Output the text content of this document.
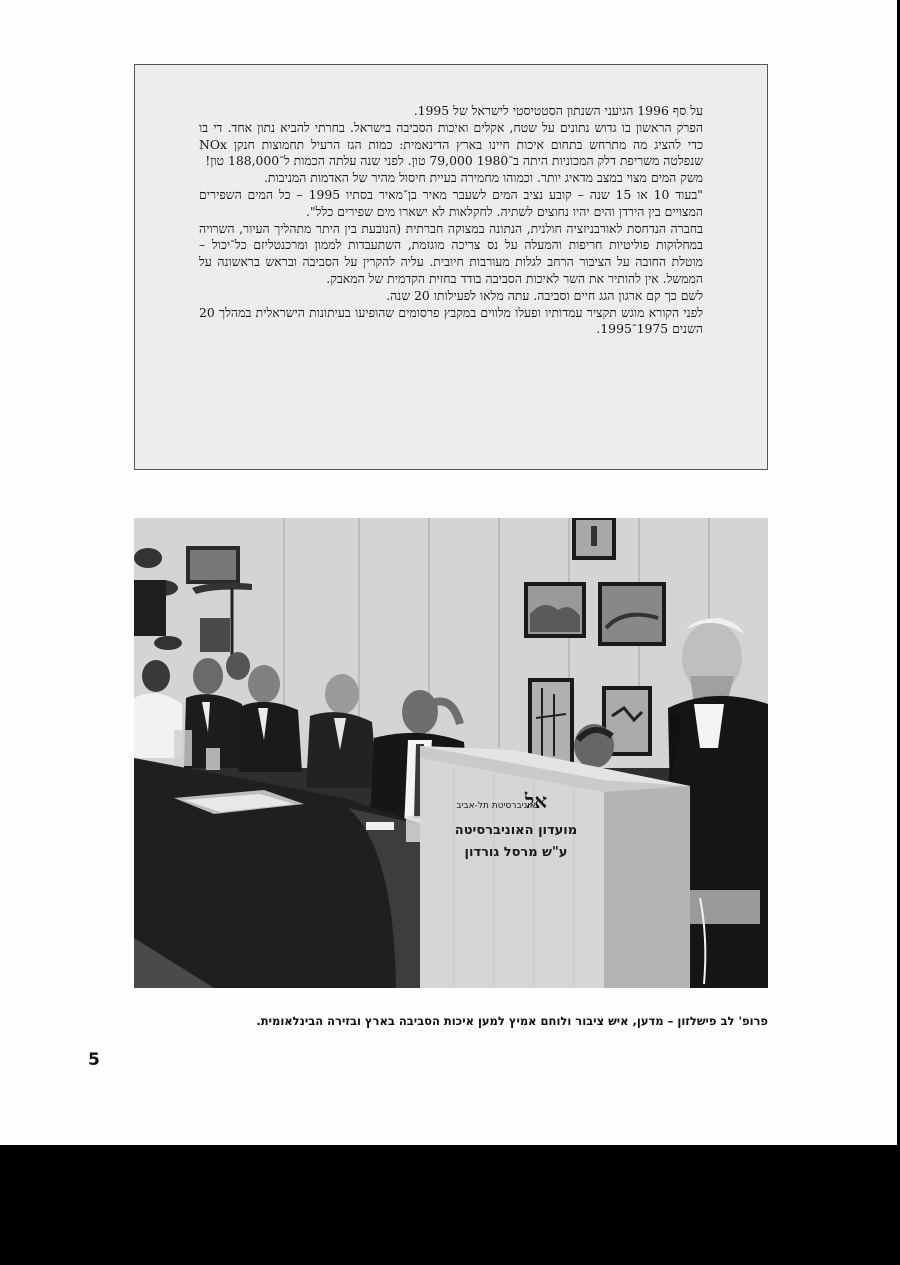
על סף 1996 הגיעני השנתון הסטטיסטי לישראל של 1995.

הפרק הראשון בו גדוש נתונים על שטח, אקלים ואיכות הסביבה בישראל. בחרתי להביא נתון אחד. די בו כדי להציג מה מתרחש בתחום איכות חיינו בארץ הדינאמית: כמות הגז הרעיל תחמוצות חנקן NOx שנפלטה משריפת דלק המכוניות היתה ב־1980 79,000 טון. לפני שנה עלתה הכמות ל־188,000 טון!

משק המים מצוי במצב מדאיג יותר. וכמוהו מחמירה בעיית חיסול מהיר של האדמות המניבות.

"בעוד 10 או 15 שנה – קובע נציב המים לשעבר מאיר בן־מאיר בסתיו 1995 – כל המים השפירים המצויים בין הירדן והים יהיו נחוצים לשתיה. לחקלאות לא ישארו מים שפירים כלל".

בחברה הנדחסת לאורבניזציה חולנית, הנתונה במצוקה חברתית (הנובעת בין היתר מתהליך העיור, השרויה במחלוקות פוליטיות חריפות והמעלה על נס צריכה מוגזמת, השתעבדות לממון ומרכנטליזם כל־יכול – מוטלת החובה על הציבור הרחב לגלות מעורבות חיובית. עליה להקרין על הסביבה ובראש בראשונה על הממשל. אין להותיר את השר לאיכות הסביבה בודד בחזית הקדמית של המאבק.

לשם כך קם ארגון הגג חיים וסביבה. עתה מלאו לפעילותו 20 שנה.

לפני הקורא מוגש תקציר עמדותיו ופעלו מלווים במקבץ פרסומים שהופיעו בעיתונות הישראלית במהלך 20 השנים 1975־1995.

אל
אוניברסיטת תל-אביב
מועדון האוניברסיטה
ע"ש מרסל גורדון
פרופ' לב פישלזון – מדען, איש ציבור ולוחם אמיץ למען איכות הסביבה בארץ ובזירה הבינלאומית.
5
